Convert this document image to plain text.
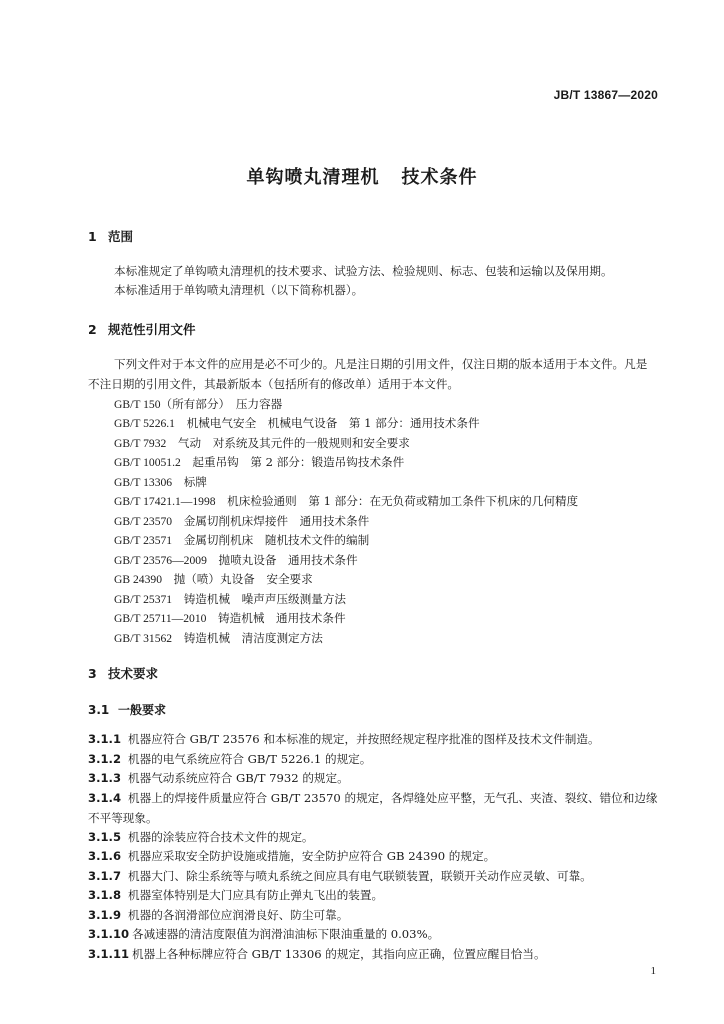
JB/T 13867—2020
单钩喷丸清理机 技术条件
1 范围
本标准规定了单钩喷丸清理机的技术要求、试验方法、检验规则、标志、包装和运输以及保用期。
本标准适用于单钩喷丸清理机（以下简称机器）。
2 规范性引用文件
下列文件对于本文件的应用是必不可少的。凡是注日期的引用文件，仅注日期的版本适用于本文件。凡是不注日期的引用文件，其最新版本（包括所有的修改单）适用于本文件。
GB/T 150（所有部分）　 压力容器
GB/T 5226.1　 机械电气安全　机械电气设备　第 1 部分：通用技术条件
GB/T 7932　 气动　对系统及其元件的一般规则和安全要求
GB/T 10051.2　 起重吊钩　第 2 部分：锻造吊钩技术条件
GB/T 13306　 标牌
GB/T 17421.1—1998　 机床检验通则　第 1 部分：在无负荷或精加工条件下机床的几何精度
GB/T 23570　 金属切削机床焊接件　通用技术条件
GB/T 23571　 金属切削机床　随机技术文件的编制
GB/T 23576—2009　 抛喷丸设备　通用技术条件
GB 24390　 抛（喷）丸设备　安全要求
GB/T 25371　 铸造机械　噪声声压级测量方法
GB/T 25711—2010　 铸造机械　通用技术条件
GB/T 31562　 铸造机械　清洁度测定方法
3 技术要求
3.1 一般要求
3.1.1 机器应符合 GB/T 23576 和本标准的规定，并按照经规定程序批准的图样及技术文件制造。
3.1.2 机器的电气系统应符合 GB/T 5226.1 的规定。
3.1.3 机器气动系统应符合 GB/T 7932 的规定。
3.1.4 机器上的焊接件质量应符合 GB/T 23570 的规定，各焊缝处应平整，无气孔、夹渣、裂纹、错位和边缘不平等现象。
3.1.5 机器的涂装应符合技术文件的规定。
3.1.6 机器应采取安全防护设施或措施，安全防护应符合 GB 24390 的规定。
3.1.7 机器大门、除尘系统等与喷丸系统之间应具有电气联锁装置，联锁开关动作应灵敏、可靠。
3.1.8 机器室体特别是大门应具有防止弹丸飞出的装置。
3.1.9 机器的各润滑部位应润滑良好、防尘可靠。
3.1.10 各减速器的清洁度限值为润滑油油标下限油重量的 0.03%。
3.1.11 机器上各种标牌应符合 GB/T 13306 的规定，其指向应正确，位置应醒目恰当。
1
